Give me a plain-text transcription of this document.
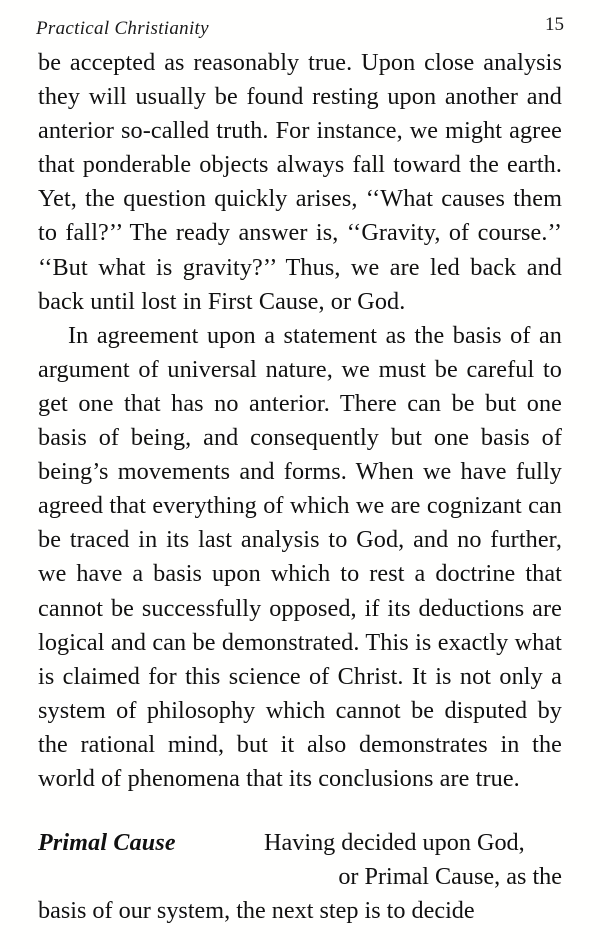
Practical Christianity	15

be accepted as reasonably true. Upon close analysis they will usually be found resting upon another and anterior so-called truth. For instance, we might agree that ponderable objects always fall toward the earth. Yet, the question quickly arises, ‘‘What causes them to fall?’’ The ready answer is, ‘‘Gravity, of course.’’ ‘‘But what is gravity?’’ Thus, we are led back and back until lost in First Cause, or God.

In agreement upon a statement as the basis of an argument of universal nature, we must be careful to get one that has no anterior. There can be but one basis of being, and consequently but one basis of being’s movements and forms. When we have fully agreed that everything of which we are cognizant can be traced in its last analysis to God, and no further, we have a basis upon which to rest a doctrine that cannot be successfully opposed, if its deductions are logical and can be demonstrated. This is exactly what is claimed for this science of Christ. It is not only a system of philosophy which cannot be disputed by the rational mind, but it also demonstrates in the world of phenomena that its conclusions are true.

Primal Cause	Having decided upon God,
or Primal Cause, as the
basis of our system, the next step is to decide
